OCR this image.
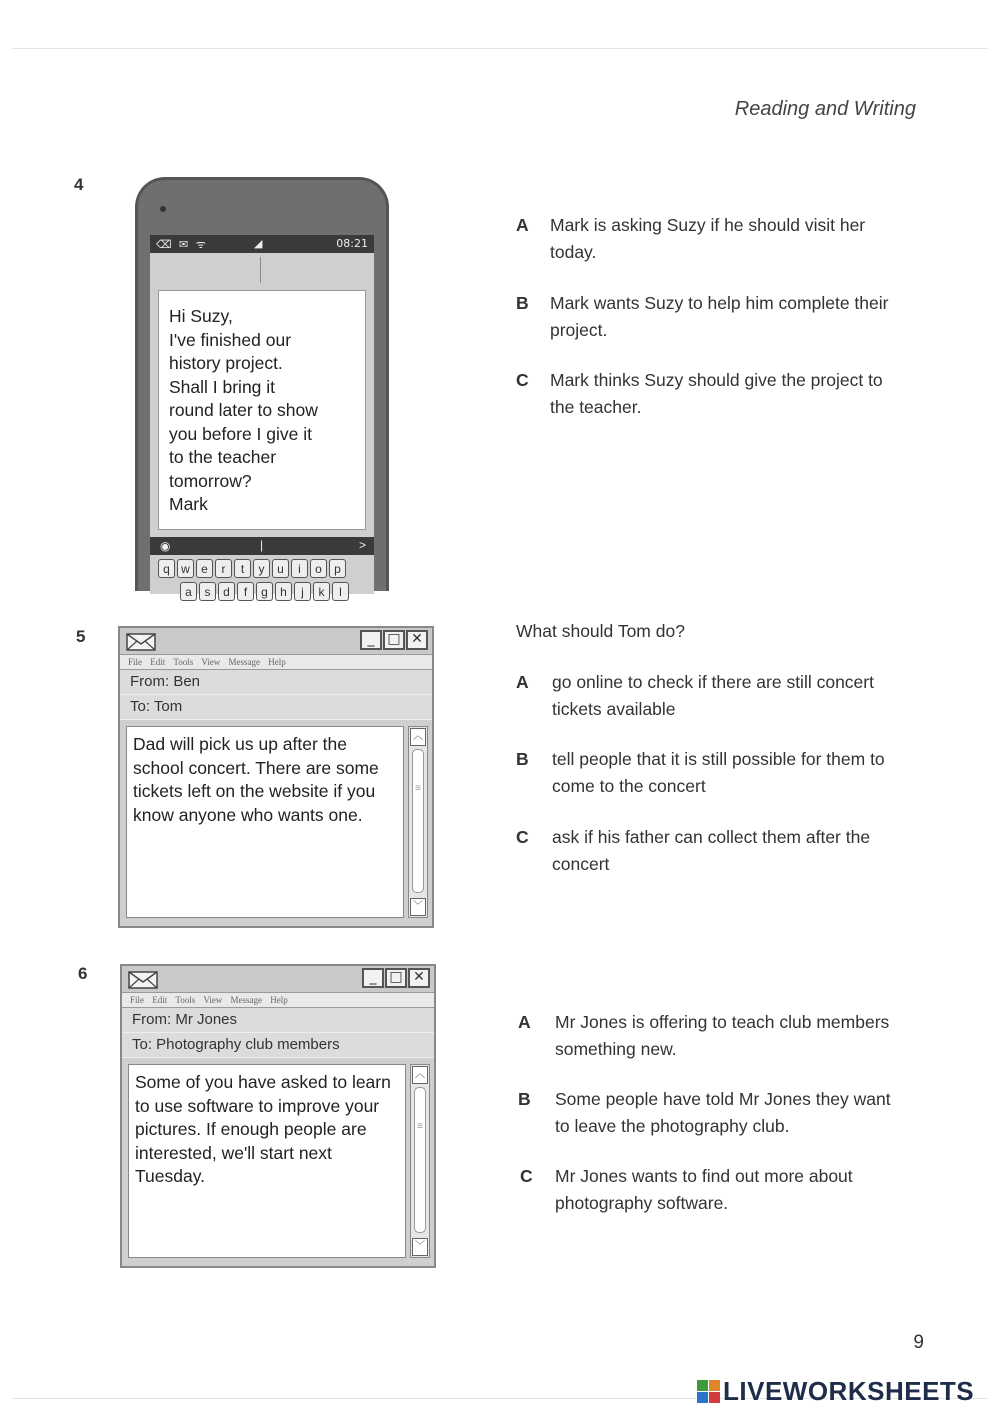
Reading and Writing
4
⌫ ✉ ᯤ	◢	08:21
Hi Suzy,
I've finished our
history project.
Shall I bring it
round later to show
you before I give it
to the teacher
tomorrow?
Mark
◉	|	>
q w e	r	t	y	u	i	o	p
a	s	d	f	g	h	j	k	l
A	Mark is asking Suzy if he should visit her today.
B	Mark wants Suzy to help him complete their project.
C	Mark thinks Suzy should give the project to the teacher.
5	_ □ ✕
File Edit Tools View Message Help
From: Ben
To: Tom
Dad will pick us up after the school concert. There are some tickets left on the website if you know anyone who wants one.
︿
≡
﹀
What should Tom do?
A	go online to check if there are still concert tickets available
B	tell people that it is still possible for them to come to the concert
C	ask if his father can collect them after the concert
6	_ □ ✕
File Edit Tools View Message Help
From: Mr Jones
To: Photography club members
Some of you have asked to learn to use software to improve your pictures. If enough people are interested, we'll start next Tuesday.
︿
≡
﹀
A	Mr Jones is offering to teach club members something new.
B	Some people have told Mr Jones they want to leave the photography club.
C	Mr Jones wants to find out more about photography software.
9
LIVEWORKSHEETS
